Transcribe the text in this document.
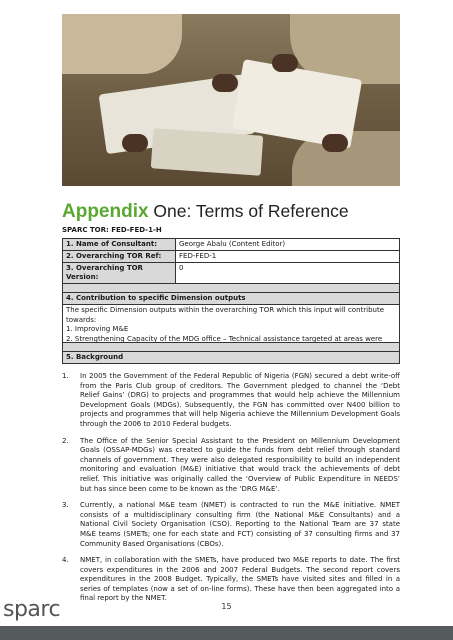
Appendix One: Terms of Reference
SPARC TOR: FED-FED-1-H
1. Name of Consultant:	George Abalu (Content Editor)
2. Overarching TOR Ref:	FED-FED-1
3. Overarching TOR Version:	0
4. Contribution to specific Dimension outputs
The specific Dimension outputs within the overarching TOR which this input will contribute towards:
1. Improving M&E
2. Strengthening Capacity of the MDG office – Technical assistance targeted at areas were
5. Background
1. In 2005 the Government of the Federal Republic of Nigeria (FGN) secured a debt write-off from the Paris Club group of creditors. The Government pledged to channel the ‘Debt Relief Gains’ (DRG) to projects and programmes that would help achieve the Millennium Development Goals (MDGs). Subsequently, the FGN has committed over N400 billion to projects and programmes that will help Nigeria achieve the Millennium Development Goals through the 2006 to 2010 Federal budgets.
2. The Office of the Senior Special Assistant to the President on Millennium Development Goals (OSSAP-MDGs) was created to guide the funds from debt relief through standard channels of government. They were also delegated responsibility to build an independent monitoring and evaluation (M&E) initiative that would track the achievements of debt relief. This initiative was originally called the ‘Overview of Public Expenditure in NEEDS’ but has since been come to be known as the ‘DRG M&E’.
3. Currently, a national M&E team (NMET) is contracted to run the M&E initiative. NMET consists of a multidisciplinary consulting firm (the National M&E Consultants) and a National Civil Society Organisation (CSO). Reporting to the National Team are 37 state M&E teams (SMETs; one for each state and FCT) consisting of 37 consulting firms and 37 Community Based Organisations (CBOs).
4. NMET, in collaboration with the SMETs, have produced two M&E reports to date. The first covers expenditures in the 2006 and 2007 Federal Budgets. The second report covers expenditures in the 2008 Budget. Typically, the SMETs have visited sites and filled in a series of templates (now a set of on-line forms). These have then been aggregated into a final report by the NMET.
sparc	15
